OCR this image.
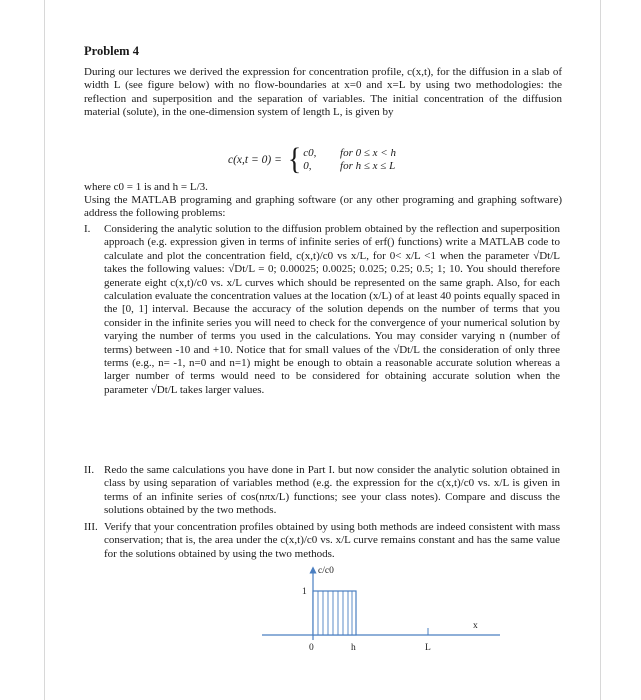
Problem 4
During our lectures we derived the expression for concentration profile, c(x,t), for the diffusion in a slab of width L (see figure below) with no flow-boundaries at x=0 and x=L by using two methodologies: the reflection and superposition and the separation of variables. The initial concentration of the diffusion material (solute), in the one-dimension system of length L, is given by
c(x,t = 0) = { c0, for 0 ≤ x < h
0,	for h ≤ x ≤ L
where c0 = 1 is and h = L/3.
Using the MATLAB programing and graphing software (or any other programing and graphing software) address the following problems:
I.	Considering the analytic solution to the diffusion problem obtained by the reflection and superposition approach (e.g. expression given in terms of infinite series of erf() functions) write a MATLAB code to calculate and plot the concentration field, c(x,t)/c0 vs x/L, for 0< x/L <1 when the parameter √Dt/L takes the following values: √Dt/L = 0; 0.00025; 0.0025; 0.025; 0.25; 0.5; 1; 10. You should therefore generate eight c(x,t)/c0 vs. x/L curves which should be represented on the same graph. Also, for each calculation evaluate the concentration values at the location (x/L) of at least 40 points equally spaced in the [0, 1] interval. Because the accuracy of the solution depends on the number of terms that you consider in the infinite series you will need to check for the convergence of your numerical solution by varying the number of terms you used in the calculations. You may consider varying n (number of terms) between -10 and +10. Notice that for small values of the √Dt/L the consideration of only three terms (e.g., n= -1, n=0 and n=1) might be enough to obtain a reasonable accurate solution whereas a larger number of terms would need to be considered for obtaining accurate solution when the parameter √Dt/L takes larger values.
II. Redo the same calculations you have done in Part I. but now consider the analytic solution obtained in class by using separation of variables method (e.g. the expression for the c(x,t)/c0 vs. x/L is given in terms of an infinite series of cos(nπx/L) functions; see your class notes). Compare and discuss the solutions obtained by the two methods.
III. Verify that your concentration profiles obtained by using both methods are indeed consistent with mass conservation; that is, the area under the c(x,t)/c0 vs. x/L curve remains constant and has the same value for the solutions obtained by using the two methods.
c/c0
1
x
0	h	L
